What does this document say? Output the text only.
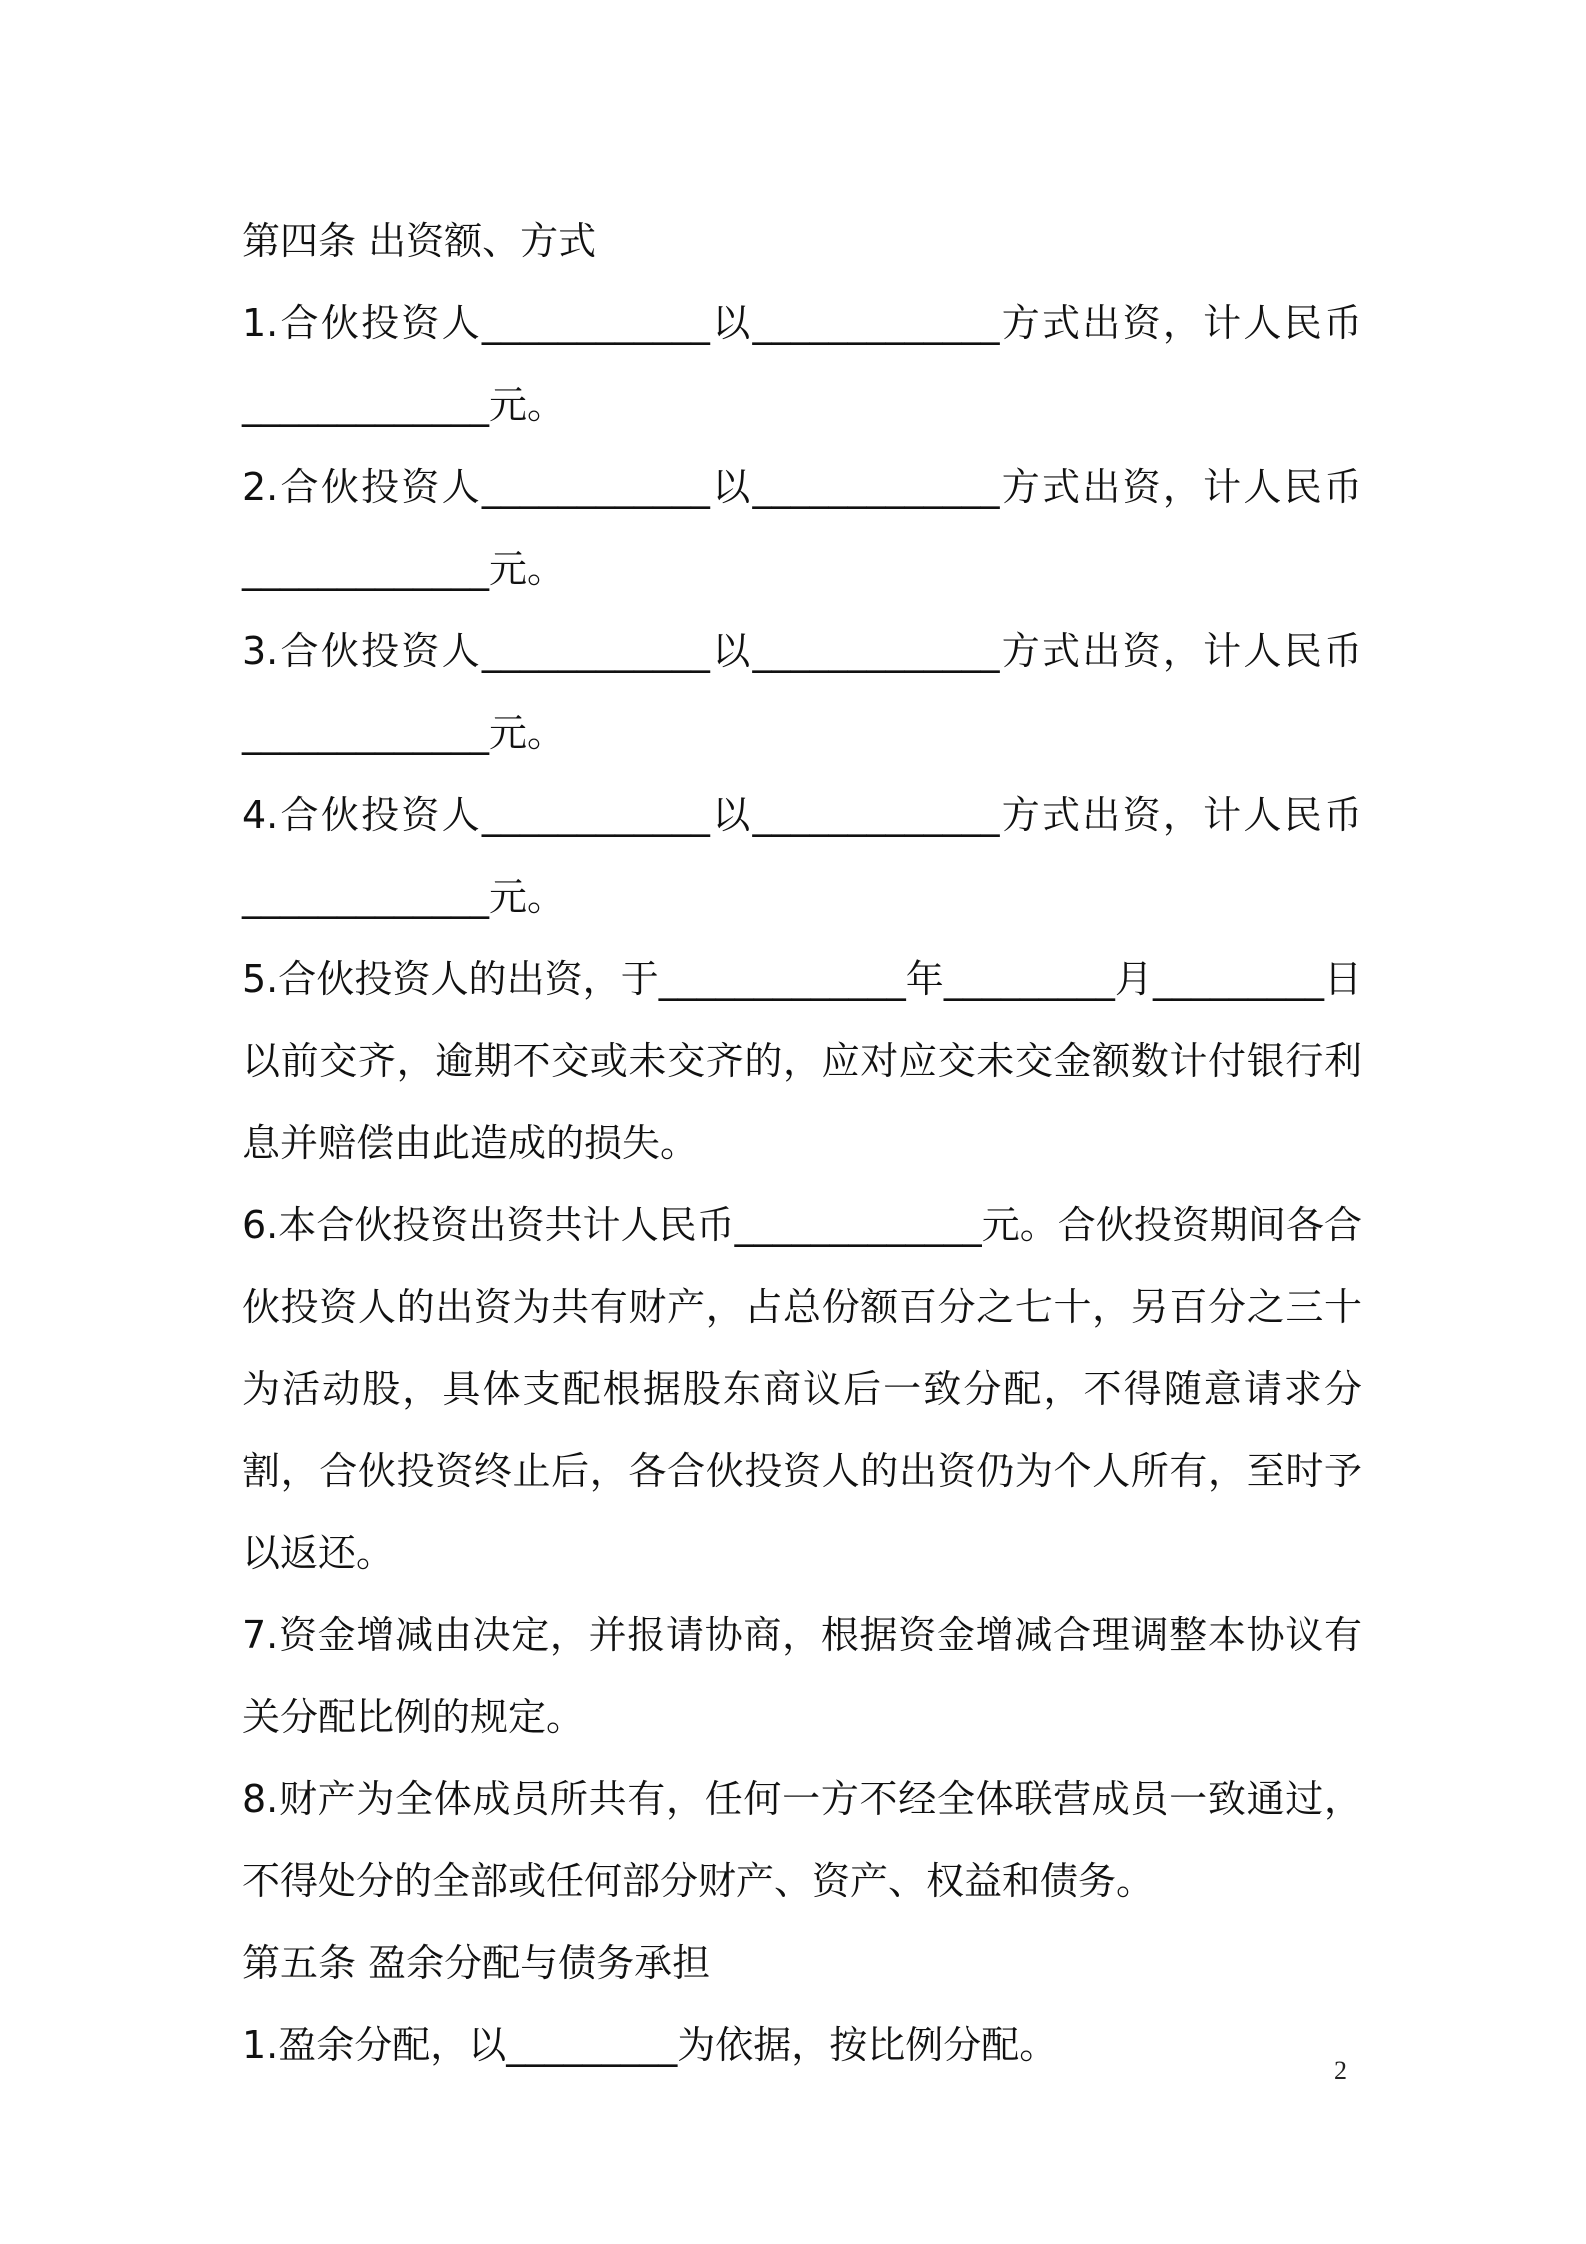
第四条 出资额、方式

1.合伙投资人____________以_____________方式出资，计人民币_____________元。

2.合伙投资人____________以_____________方式出资，计人民币_____________元。

3.合伙投资人____________以_____________方式出资，计人民币_____________元。

4.合伙投资人____________以_____________方式出资，计人民币_____________元。

5.合伙投资人的出资，于_____________年_________月_________日以前交齐，逾期不交或未交齐的，应对应交未交金额数计付银行利息并赔偿由此造成的损失。

6.本合伙投资出资共计人民币_____________元。合伙投资期间各合伙投资人的出资为共有财产，占总份额百分之七十，另百分之三十为活动股，具体支配根据股东商议后一致分配，不得随意请求分割，合伙投资终止后，各合伙投资人的出资仍为个人所有，至时予以返还。

7.资金增减由决定，并报请协商，根据资金增减合理调整本协议有关分配比例的规定。

8.财产为全体成员所共有，任何一方不经全体联营成员一致通过，不得处分的全部或任何部分财产、资产、权益和债务。

第五条 盈余分配与债务承担

1.盈余分配，以_________为依据，按比例分配。

2
